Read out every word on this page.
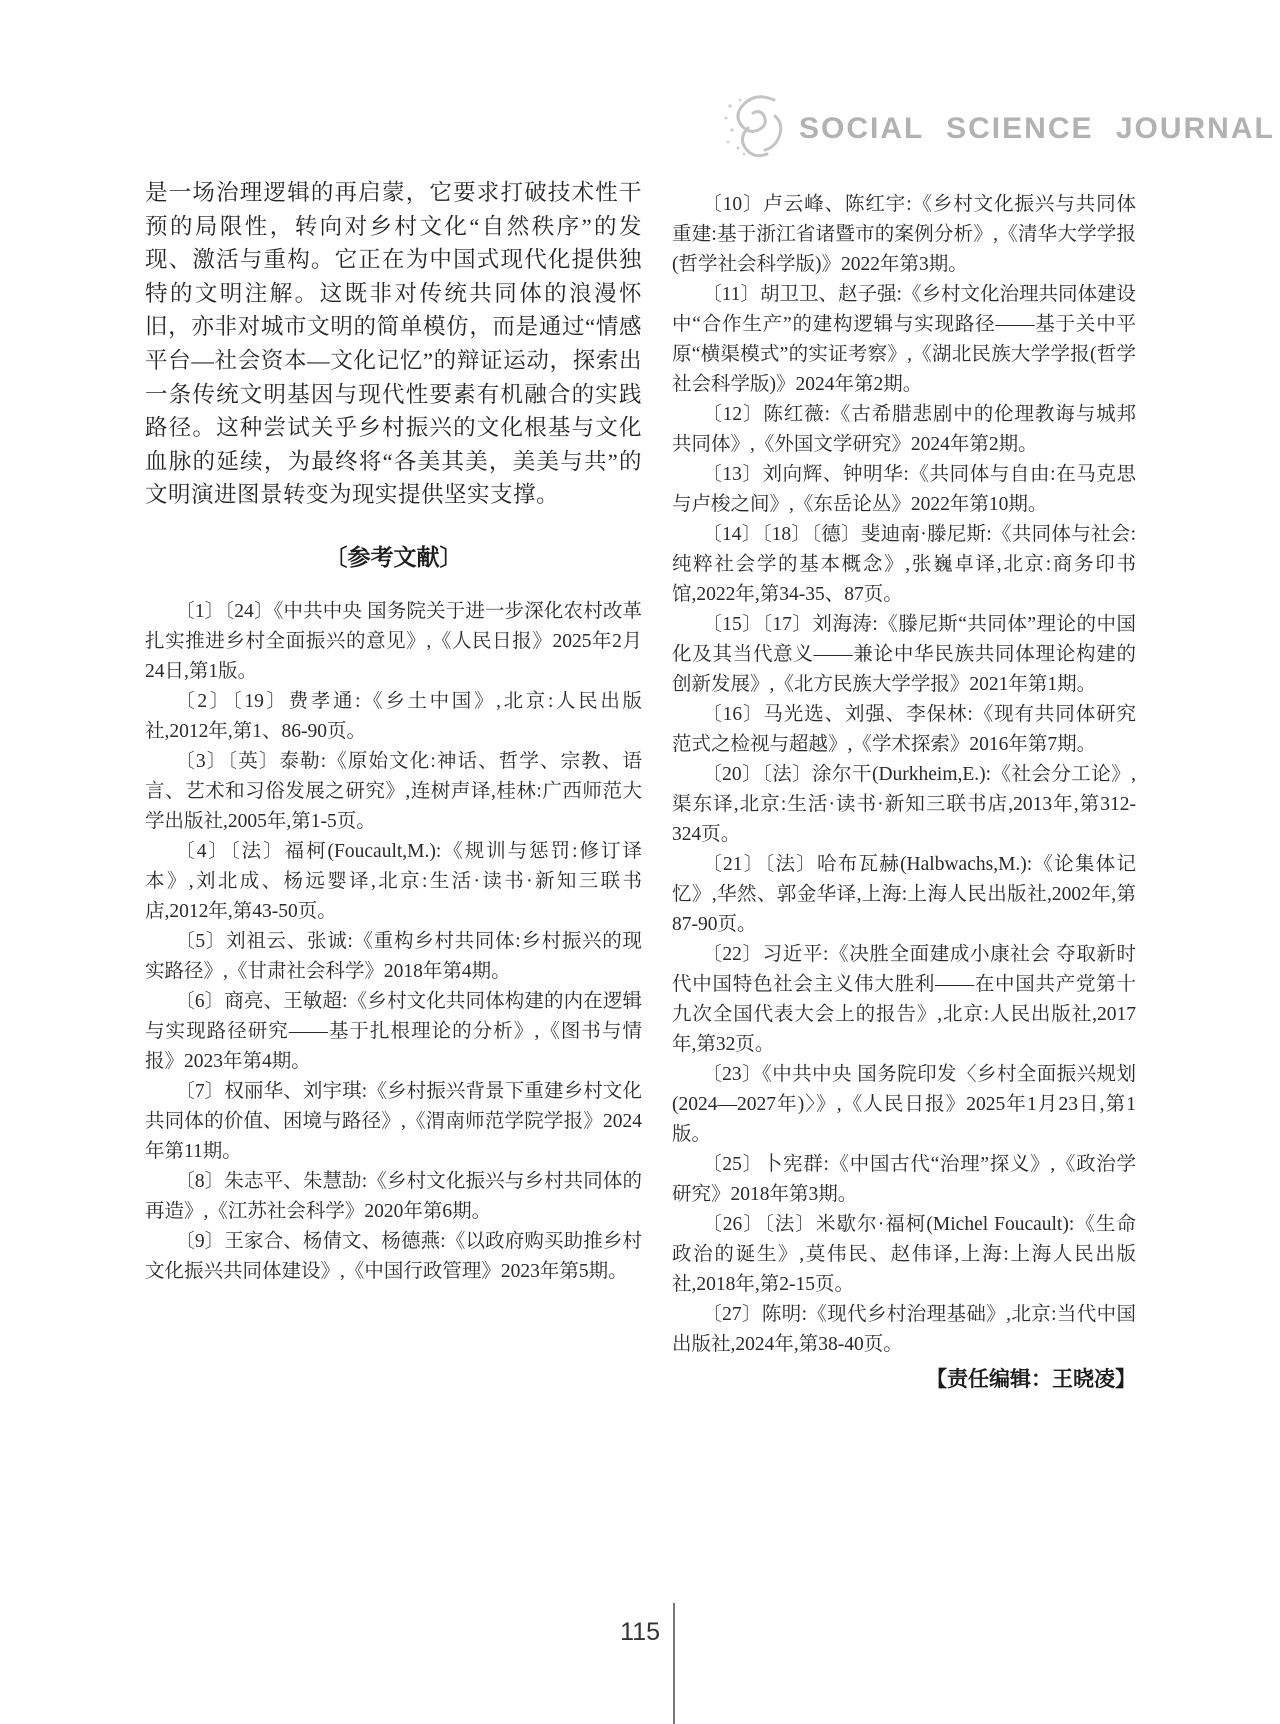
SOCIAL SCIENCE JOURNAL

是一场治理逻辑的再启蒙，它要求打破技术性干预的局限性，转向对乡村文化“自然秩序”的发现、激活与重构。它正在为中国式现代化提供独特的文明注解。这既非对传统共同体的浪漫怀旧，亦非对城市文明的简单模仿，而是通过“情感平台—社会资本—文化记忆”的辩证运动，探索出一条传统文明基因与现代性要素有机融合的实践路径。这种尝试关乎乡村振兴的文化根基与文化血脉的延续，为最终将“各美其美，美美与共”的文明演进图景转变为现实提供坚实支撑。

〔参考文献〕

〔1〕〔24〕《中共中央 国务院关于进一步深化农村改革 扎实推进乡村全面振兴的意见》,《人民日报》2025年2月24日,第1版。

〔2〕〔19〕费孝通:《乡土中国》,北京:人民出版社,2012年,第1、86-90页。

〔3〕〔英〕泰勒:《原始文化:神话、哲学、宗教、语言、艺术和习俗发展之研究》,连树声译,桂林:广西师范大学出版社,2005年,第1-5页。

〔4〕〔法〕福柯(Foucault,M.):《规训与惩罚:修订译本》,刘北成、杨远婴译,北京:生活·读书·新知三联书店,2012年,第43-50页。

〔5〕刘祖云、张诚:《重构乡村共同体:乡村振兴的现实路径》,《甘肃社会科学》2018年第4期。

〔6〕商亮、王敏超:《乡村文化共同体构建的内在逻辑与实现路径研究——基于扎根理论的分析》,《图书与情报》2023年第4期。

〔7〕权丽华、刘宇琪:《乡村振兴背景下重建乡村文化共同体的价值、困境与路径》,《渭南师范学院学报》2024年第11期。

〔8〕朱志平、朱慧劼:《乡村文化振兴与乡村共同体的再造》,《江苏社会科学》2020年第6期。

〔9〕王家合、杨倩文、杨德燕:《以政府购买助推乡村文化振兴共同体建设》,《中国行政管理》2023年第5期。

〔10〕卢云峰、陈红宇:《乡村文化振兴与共同体重建:基于浙江省诸暨市的案例分析》,《清华大学学报(哲学社会科学版)》2022年第3期。

〔11〕胡卫卫、赵子强:《乡村文化治理共同体建设中“合作生产”的建构逻辑与实现路径——基于关中平原“横渠模式”的实证考察》,《湖北民族大学学报(哲学社会科学版)》2024年第2期。

〔12〕陈红薇:《古希腊悲剧中的伦理教诲与城邦共同体》,《外国文学研究》2024年第2期。

〔13〕刘向辉、钟明华:《共同体与自由:在马克思与卢梭之间》,《东岳论丛》2022年第10期。

〔14〕〔18〕〔德〕斐迪南·滕尼斯:《共同体与社会:纯粹社会学的基本概念》,张巍卓译,北京:商务印书馆,2022年,第34-35、87页。

〔15〕〔17〕刘海涛:《滕尼斯“共同体”理论的中国化及其当代意义——兼论中华民族共同体理论构建的创新发展》,《北方民族大学学报》2021年第1期。

〔16〕马光选、刘强、李保林:《现有共同体研究范式之检视与超越》,《学术探索》2016年第7期。

〔20〕〔法〕涂尔干(Durkheim,E.):《社会分工论》,渠东译,北京:生活·读书·新知三联书店,2013年,第312-324页。

〔21〕〔法〕哈布瓦赫(Halbwachs,M.):《论集体记忆》,华然、郭金华译,上海:上海人民出版社,2002年,第87-90页。

〔22〕习近平:《决胜全面建成小康社会 夺取新时代中国特色社会主义伟大胜利——在中国共产党第十九次全国代表大会上的报告》,北京:人民出版社,2017年,第32页。

〔23〕《中共中央 国务院印发〈乡村全面振兴规划(2024—2027年)〉》,《人民日报》2025年1月23日,第1版。

〔25〕卜宪群:《中国古代“治理”探义》,《政治学研究》2018年第3期。

〔26〕〔法〕米歇尔·福柯(Michel Foucault):《生命政治的诞生》,莫伟民、赵伟译,上海:上海人民出版社,2018年,第2-15页。

〔27〕陈明:《现代乡村治理基础》,北京:当代中国出版社,2024年,第38-40页。

【责任编辑：王晓凌】

115
